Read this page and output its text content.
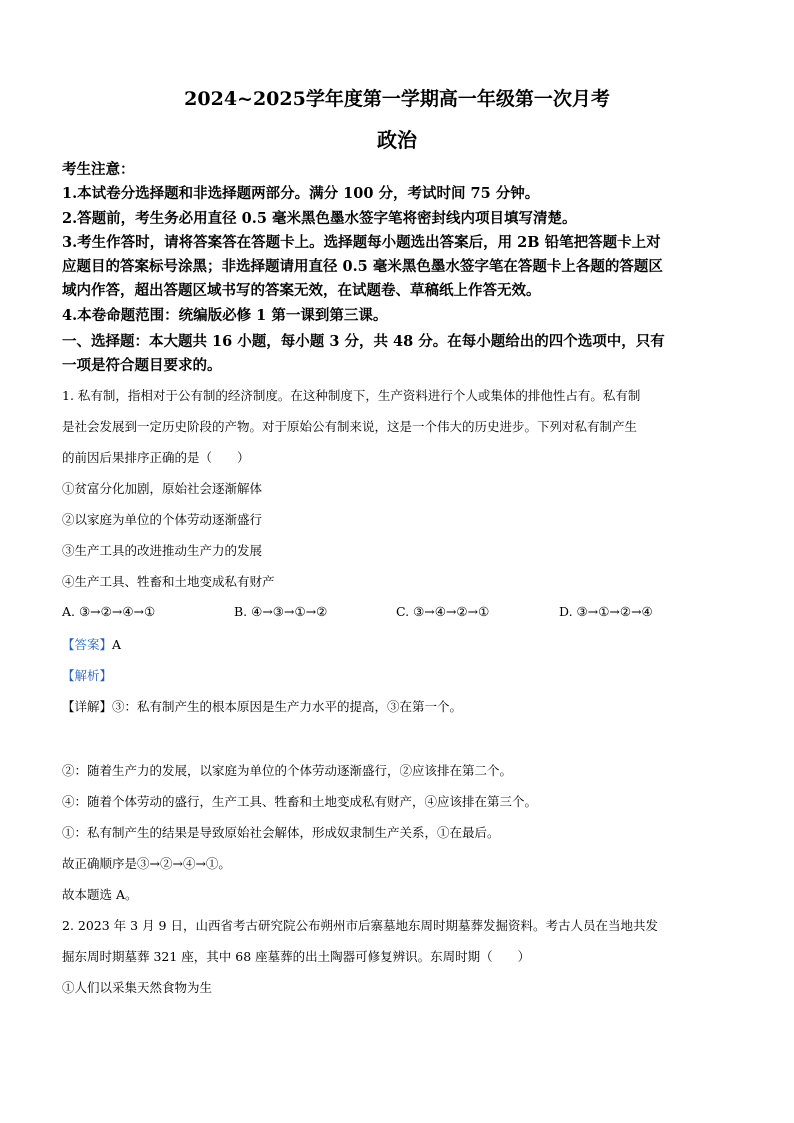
2024~2025学年度第一学期高一年级第一次月考
政治
考生注意：
1.本试卷分选择题和非选择题两部分。满分 100 分，考试时间 75 分钟。
2.答题前，考生务必用直径 0.5 毫米黑色墨水签字笔将密封线内项目填写清楚。
3.考生作答时，请将答案答在答题卡上。选择题每小题选出答案后，用 2B 铅笔把答题卡上对
应题目的答案标号涂黑；非选择题请用直径 0.5 毫米黑色墨水签字笔在答题卡上各题的答题区
域内作答，超出答题区域书写的答案无效，在试题卷、草稿纸上作答无效。
4.本卷命题范围：统编版必修 1 第一课到第三课。
一、选择题：本大题共 16 小题，每小题 3 分，共 48 分。在每小题给出的四个选项中，只有
一项是符合题目要求的。
1. 私有制，指相对于公有制的经济制度。在这种制度下，生产资料进行个人或集体的排他性占有。私有制
是社会发展到一定历史阶段的产物。对于原始公有制来说，这是一个伟大的历史进步。下列对私有制产生
的前因后果排序正确的是（　　）
①贫富分化加剧，原始社会逐渐解体
②以家庭为单位的个体劳动逐渐盛行
③生产工具的改进推动生产力的发展
④生产工具、牲畜和土地变成私有财产
A. ③→②→④→①	B. ④→③→①→②	C. ③→④→②→①	D. ③→①→②→④
【答案】A
【解析】
【详解】③：私有制产生的根本原因是生产力水平的提高，③在第一个。
②：随着生产力的发展，以家庭为单位的个体劳动逐渐盛行，②应该排在第二个。
④：随着个体劳动的盛行，生产工具、牲畜和土地变成私有财产，④应该排在第三个。
①：私有制产生的结果是导致原始社会解体，形成奴隶制生产关系，①在最后。
故正确顺序是③→②→④→①。
故本题选 A。
2. 2023 年 3 月 9 日，山西省考古研究院公布朔州市后寨墓地东周时期墓葬发掘资料。考古人员在当地共发
掘东周时期墓葬 321 座，其中 68 座墓葬的出土陶器可修复辨识。东周时期（　　）
①人们以采集天然食物为生
